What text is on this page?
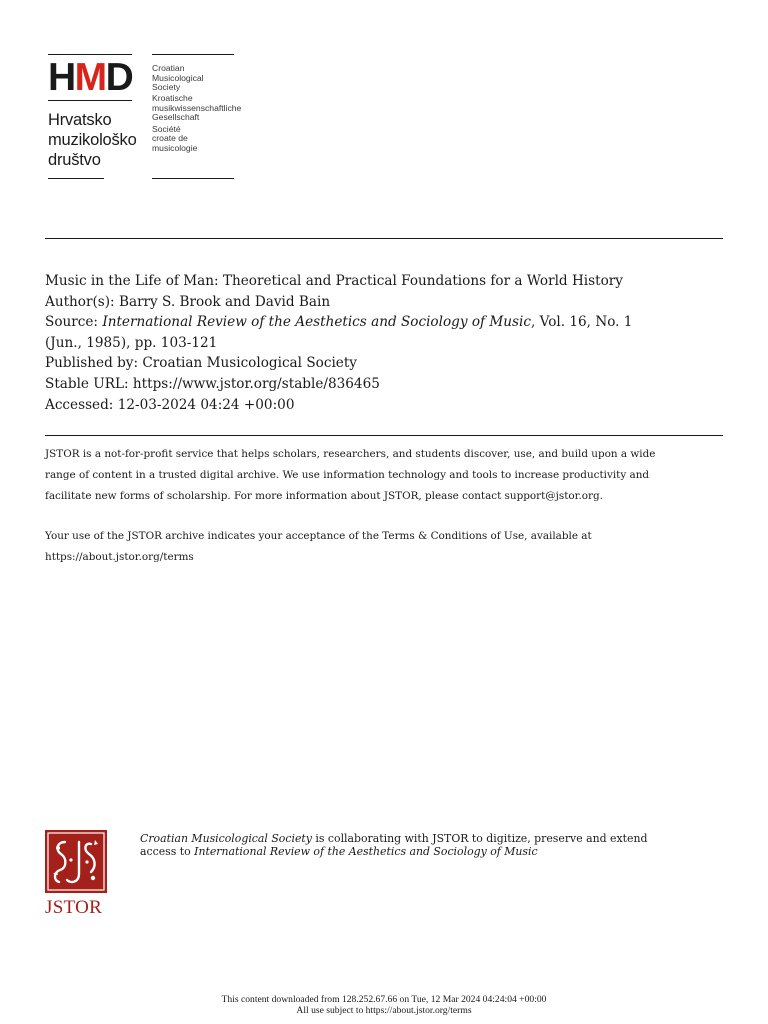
HMD
Hrvatsko
muzikološko
društvo
Croatian
Musicological
Society
Kroatische
musikwissenschaftliche
Gesellschaft
Société
croate de
musicologie
Music in the Life of Man: Theoretical and Practical Foundations for a World History
Author(s): Barry S. Brook and David Bain
Source: International Review of the Aesthetics and Sociology of Music, Vol. 16, No. 1
(Jun., 1985), pp. 103-121
Published by: Croatian Musicological Society
Stable URL: https://www.jstor.org/stable/836465
Accessed: 12-03-2024 04:24 +00:00
JSTOR is a not-for-profit service that helps scholars, researchers, and students discover, use, and build upon a wide
range of content in a trusted digital archive. We use information technology and tools to increase productivity and
facilitate new forms of scholarship. For more information about JSTOR, please contact support@jstor.org.
Your use of the JSTOR archive indicates your acceptance of the Terms & Conditions of Use, available at
https://about.jstor.org/terms
JSTOR
Croatian Musicological Society is collaborating with JSTOR to digitize, preserve and extend
access to International Review of the Aesthetics and Sociology of Music
This content downloaded from 128.252.67.66 on Tue, 12 Mar 2024 04:24:04 +00:00
All use subject to https://about.jstor.org/terms
